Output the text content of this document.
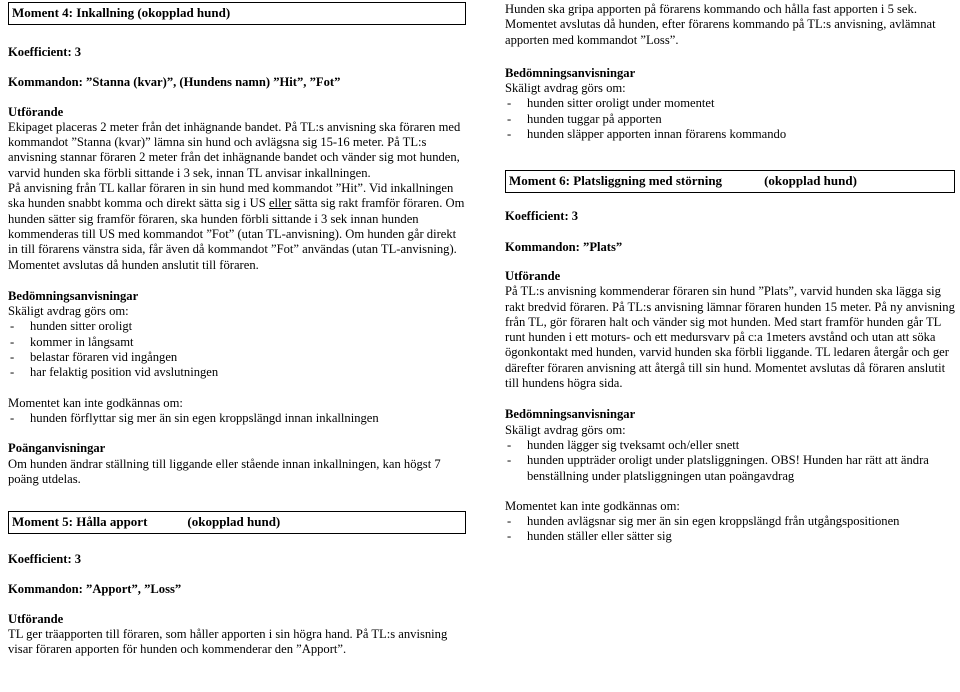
Moment 4: Inkallning (okopplad hund)

Koefficient: 3

Kommandon: ”Stanna (kvar)”, (Hundens namn) ”Hit”, ”Fot”

Utförande

Ekipaget placeras 2 meter från det inhägnande bandet. På TL:s anvisning ska föraren med kommandot ”Stanna (kvar)” lämna sin hund och avlägsna sig 15-16 meter. På TL:s anvisning stannar föraren 2 meter från det inhägnande bandet och vänder sig mot hunden, varvid hunden ska förbli sittande i 3 sek, innan TL anvisar inkallningen.

På anvisning från TL kallar föraren in sin hund med kommandot ”Hit”. Vid inkallningen ska hunden snabbt komma och direkt sätta sig i US eller sätta sig rakt framför föraren. Om hunden sätter sig framför föraren, ska hunden förbli sittande i 3 sek innan hunden kommenderas till US med kommandot ”Fot” (utan TL-anvisning). Om hunden går direkt in till förarens vänstra sida, får även då kommandot ”Fot” användas (utan TL-anvisning). Momentet avslutas då hunden anslutit till föraren.

Bedömningsanvisningar

Skäligt avdrag görs om:

- hunden sitter oroligt
- kommer in långsamt
- belastar föraren vid ingången
- har felaktig position vid avslutningen

Momentet kan inte godkännas om:

- hunden förflyttar sig mer än sin egen kroppslängd innan inkallningen

Poänganvisningar

Om hunden ändrar ställning till liggande eller stående innan inkallningen, kan högst 7 poäng utdelas.

Moment 5: Hålla apport	(okopplad hund)

Koefficient: 3

Kommandon: ”Apport”, ”Loss”

Utförande

TL ger träapporten till föraren, som håller apporten i sin högra hand. På TL:s anvisning visar föraren apporten för hunden och kommenderar den ”Apport”.

Hunden ska gripa apporten på förarens kommando och hålla fast apporten i 5 sek. Momentet avslutas då hunden, efter förarens kommando på TL:s anvisning, avlämnat apporten med kommandot ”Loss”.

Bedömningsanvisningar

Skäligt avdrag görs om:

- hunden sitter oroligt under momentet
- hunden tuggar på apporten
- hunden släpper apporten innan förarens kommando
Moment 6: Platsliggning med störning	(okopplad hund)

Koefficient: 3

Kommandon: ”Plats”

Utförande

På TL:s anvisning kommenderar föraren sin hund ”Plats”, varvid hunden ska lägga sig rakt bredvid föraren. På TL:s anvisning lämnar föraren hunden 15 meter. På ny anvisning från TL, gör föraren halt och vänder sig mot hunden. Med start framför hunden går TL runt hunden i ett moturs- och ett medursvarv på c:a 1meters avstånd och utan att söka ögonkontakt med hunden, varvid hunden ska förbli liggande. TL ledaren återgår och ger därefter föraren anvisning att återgå till sin hund. Momentet avslutas då föraren anslutit till hundens högra sida.

Bedömningsanvisningar

Skäligt avdrag görs om:

- hunden lägger sig tveksamt och/eller snett
- hunden uppträder oroligt under platsliggningen. OBS! Hunden har rätt att ändra benställning under platsliggningen utan poängavdrag

Momentet kan inte godkännas om:

- hunden avlägsnar sig mer än sin egen kroppslängd från utgångspositionen
- hunden ställer eller sätter sig
